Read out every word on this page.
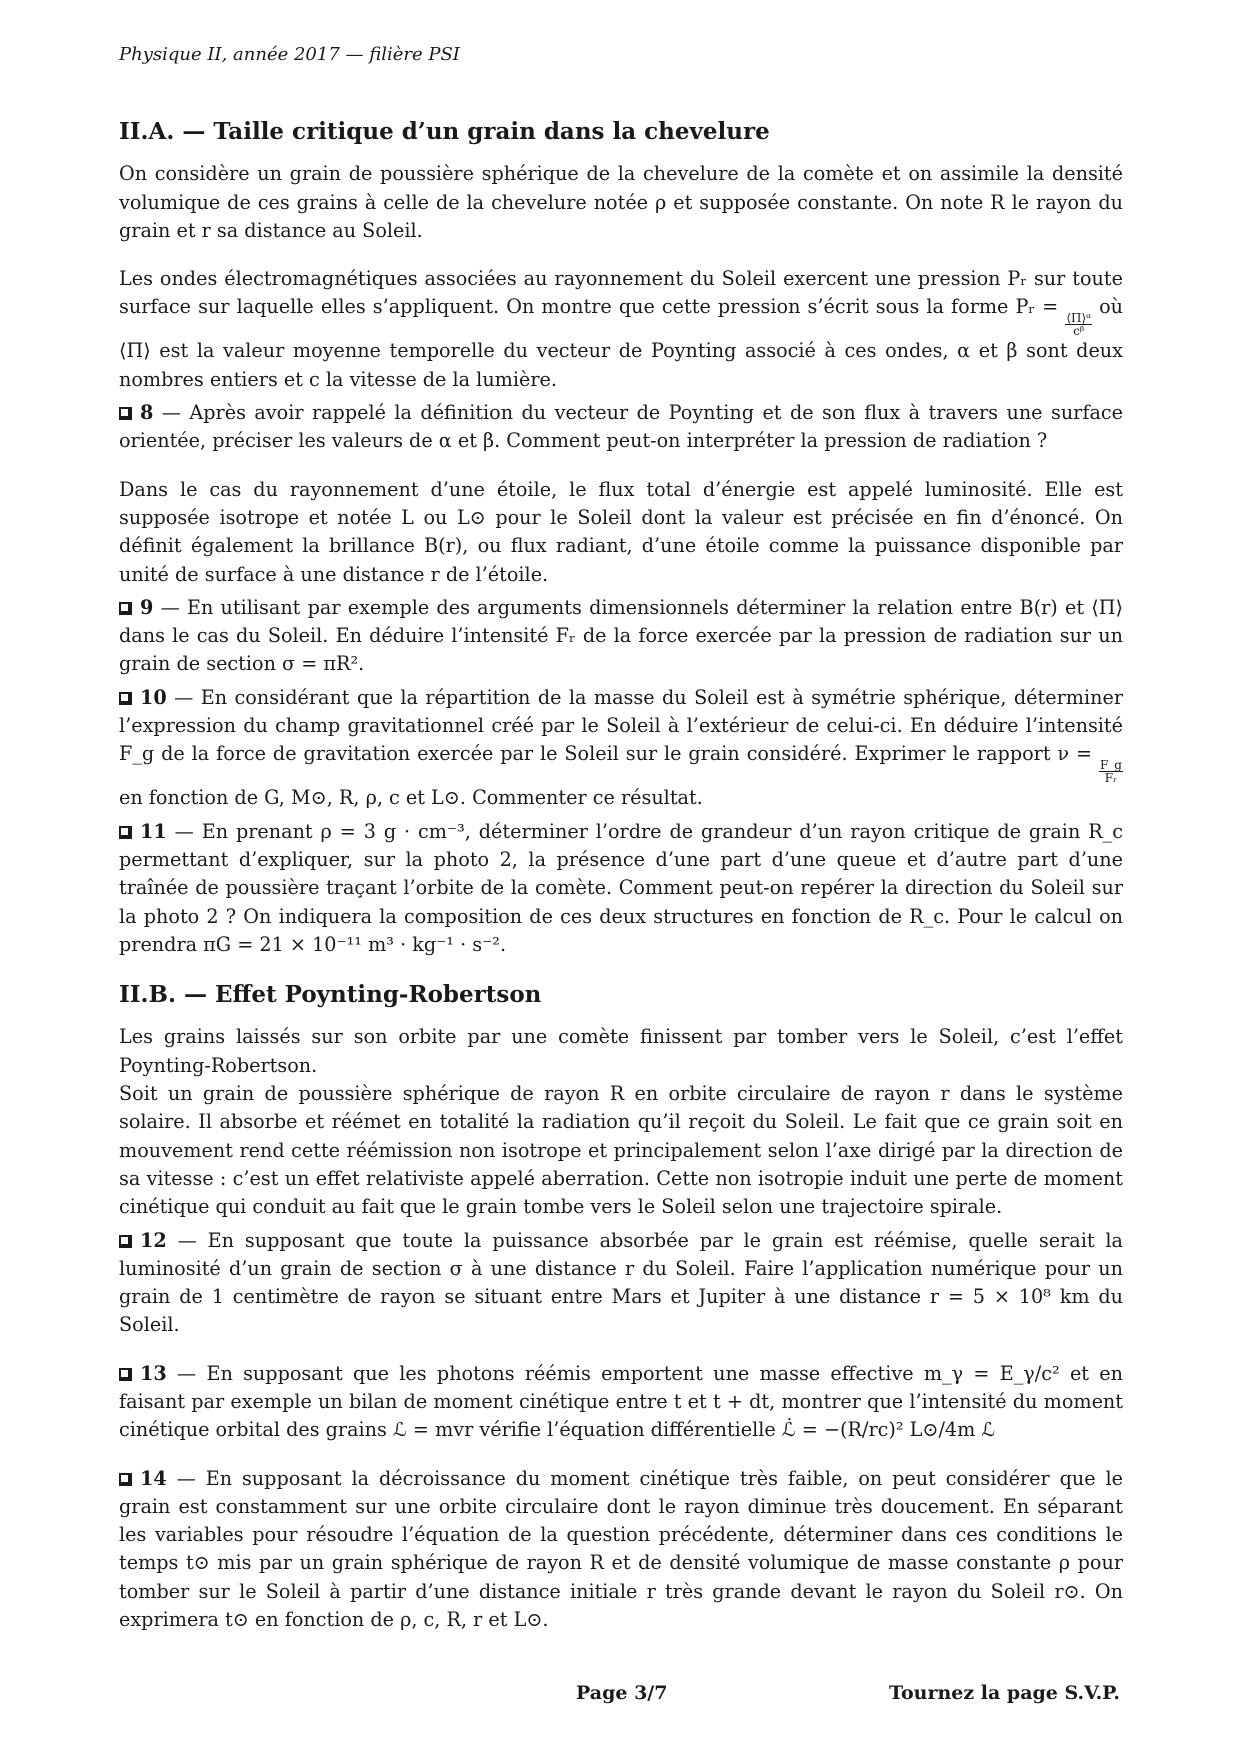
Physique II, année 2017 — filière PSI
II.A. — Taille critique d’un grain dans la chevelure

On considère un grain de poussière sphérique de la chevelure de la comète et on assimile la densité volumique de ces grains à celle de la chevelure notée ρ et supposée constante. On note R le rayon du grain et r sa distance au Soleil.

Les ondes électromagnétiques associées au rayonnement du Soleil exercent une pression Pᵣ sur toute surface sur laquelle elles s’appliquent. On montre que cette pression s’écrit sous la forme Pᵣ =
$\frac{\text{⟨Π⟩ᵅ}}{\text{cᵝ}}$
où ⟨Π⟩ est la valeur moyenne temporelle du vecteur de Poynting associé à ces ondes, α et β sont deux nombres entiers et c la vitesse de la lumière.

8 — Après avoir rappelé la définition du vecteur de Poynting et de son flux à travers une surface orientée, préciser les valeurs de α et β. Comment peut-on interpréter la pression de radiation ?

Dans le cas du rayonnement d’une étoile, le flux total d’énergie est appelé luminosité. Elle est supposée isotrope et notée L ou L⊙ pour le Soleil dont la valeur est précisée en fin d’énoncé. On définit également la brillance B(r), ou flux radiant, d’une étoile comme la puissance disponible par unité de surface à une distance r de l’étoile.

9 — En utilisant par exemple des arguments dimensionnels déterminer la relation entre B(r) et ⟨Π⟩ dans le cas du Soleil. En déduire l’intensité Fᵣ de la force exercée par la pression de radiation sur un grain de section σ = πR².

10 — En considérant que la répartition de la masse du Soleil est à symétrie sphérique, déterminer l’expression du champ gravitationnel créé par le Soleil à l’extérieur de celui-ci. En déduire l’intensité F_g de la force de gravitation exercée par le Soleil sur le grain considéré. Exprimer le rapport ν =
$\frac{F\_g}{\text{Fᵣ}}$
en fonction de G, M⊙, R, ρ, c et L⊙. Commenter ce résultat.

11 — En prenant ρ = 3 g · cm⁻³, déterminer l’ordre de grandeur d’un rayon critique de grain R_c permettant d’expliquer, sur la photo 2, la présence d’une part d’une queue et d’autre part d’une traînée de poussière traçant l’orbite de la comète. Comment peut-on repérer la direction du Soleil sur la photo 2 ? On indiquera la composition de ces deux structures en fonction de R_c. Pour le calcul on prendra πG = 21 × 10⁻¹¹ m³ · kg⁻¹ · s⁻².

II.B. — Effet Poynting-Robertson

Les grains laissés sur son orbite par une comète finissent par tomber vers le Soleil, c’est l’effet Poynting-Robertson.

Soit un grain de poussière sphérique de rayon R en orbite circulaire de rayon r dans le système solaire. Il absorbe et réémet en totalité la radiation qu’il reçoit du Soleil. Le fait que ce grain soit en mouvement rend cette réémission non isotrope et principalement selon l’axe dirigé par la direction de sa vitesse : c’est un effet relativiste appelé aberration. Cette non isotropie induit une perte de moment cinétique qui conduit au fait que le grain tombe vers le Soleil selon une trajectoire spirale.

12 — En supposant que toute la puissance absorbée par le grain est réémise, quelle serait la luminosité d’un grain de section σ à une distance r du Soleil. Faire l’application numérique pour un grain de 1 centimètre de rayon se situant entre Mars et Jupiter à une distance r = 5 × 10⁸ km du Soleil.

13 — En supposant que les photons réémis emportent une masse effective m_γ = E_γ/c² et en faisant par exemple un bilan de moment cinétique entre t et t + dt, montrer que l’intensité du moment cinétique orbital des grains ℒ = mvr vérifie l’équation différentielle ℒ̇ = −(R/rc)² L⊙/4m ℒ

14 — En supposant la décroissance du moment cinétique très faible, on peut considérer que le grain est constamment sur une orbite circulaire dont le rayon diminue très doucement. En séparant les variables pour résoudre l’équation de la question précédente, déterminer dans ces conditions le temps t⊙ mis par un grain sphérique de rayon R et de densité volumique de masse constante ρ pour tomber sur le Soleil à partir d’une distance initiale r très grande devant le rayon du Soleil r⊙. On exprimera t⊙ en fonction de ρ, c, R, r et L⊙.

Page 3/7	Tournez la page S.V.P.
